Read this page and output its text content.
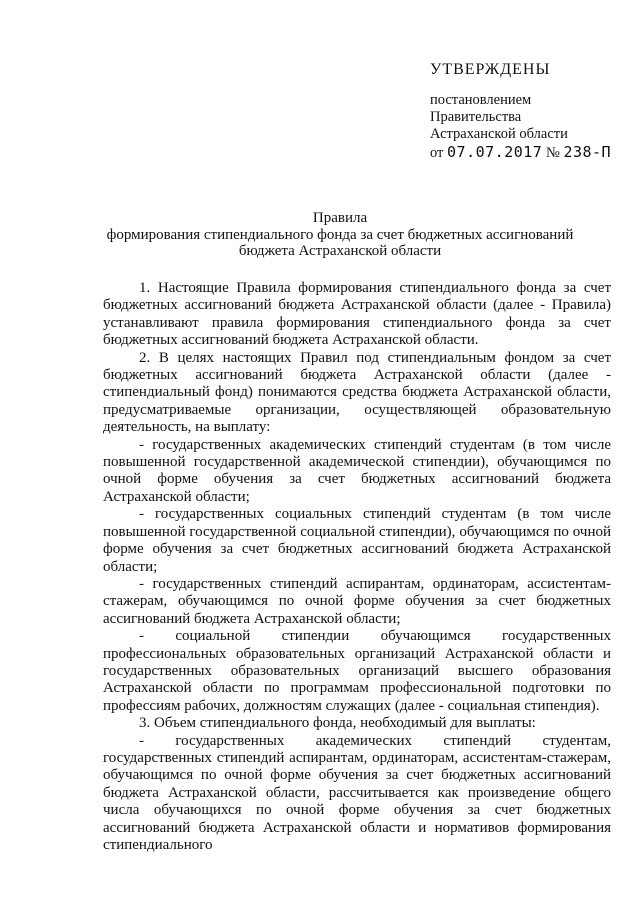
УТВЕРЖДЕНЫ
постановлением
Правительства
Астраханской области
от 07.07.2017 № 238-П
Правила
формирования стипендиального фонда за счет бюджетных ассигнований
бюджета Астраханской области

1. Настоящие Правила формирования стипендиального фонда за счет бюджетных ассигнований бюджета Астраханской области (далее - Правила) устанавливают правила формирования стипендиального фонда за счет бюджетных ассигнований бюджета Астраханской области.

2. В целях настоящих Правил под стипендиальным фондом за счет бюджетных ассигнований бюджета Астраханской области (далее - стипендиальный фонд) понимаются средства бюджета Астраханской области, предусматриваемые организации, осуществляющей образовательную деятельность, на выплату:

- государственных академических стипендий студентам (в том числе повышенной государственной академической стипендии), обучающимся по очной форме обучения за счет бюджетных ассигнований бюджета Астраханской области;

- государственных социальных стипендий студентам (в том числе повышенной государственной социальной стипендии), обучающимся по очной форме обучения за счет бюджетных ассигнований бюджета Астраханской области;

- государственных стипендий аспирантам, ординаторам, ассистентам-стажерам, обучающимся по очной форме обучения за счет бюджетных ассигнований бюджета Астраханской области;

- социальной стипендии обучающимся государственных профессиональных образовательных организаций Астраханской области и государственных образовательных организаций высшего образования Астраханской области по программам профессиональной подготовки по профессиям рабочих, должностям служащих (далее - социальная стипендия).

3. Объем стипендиального фонда, необходимый для выплаты:

- государственных академических стипендий студентам, государственных стипендий аспирантам, ординаторам, ассистентам-стажерам, обучающимся по очной форме обучения за счет бюджетных ассигнований бюджета Астраханской области, рассчитывается как произведение общего числа обучающихся по очной форме обучения за счет бюджетных ассигнований бюджета Астраханской области и нормативов формирования стипендиального
